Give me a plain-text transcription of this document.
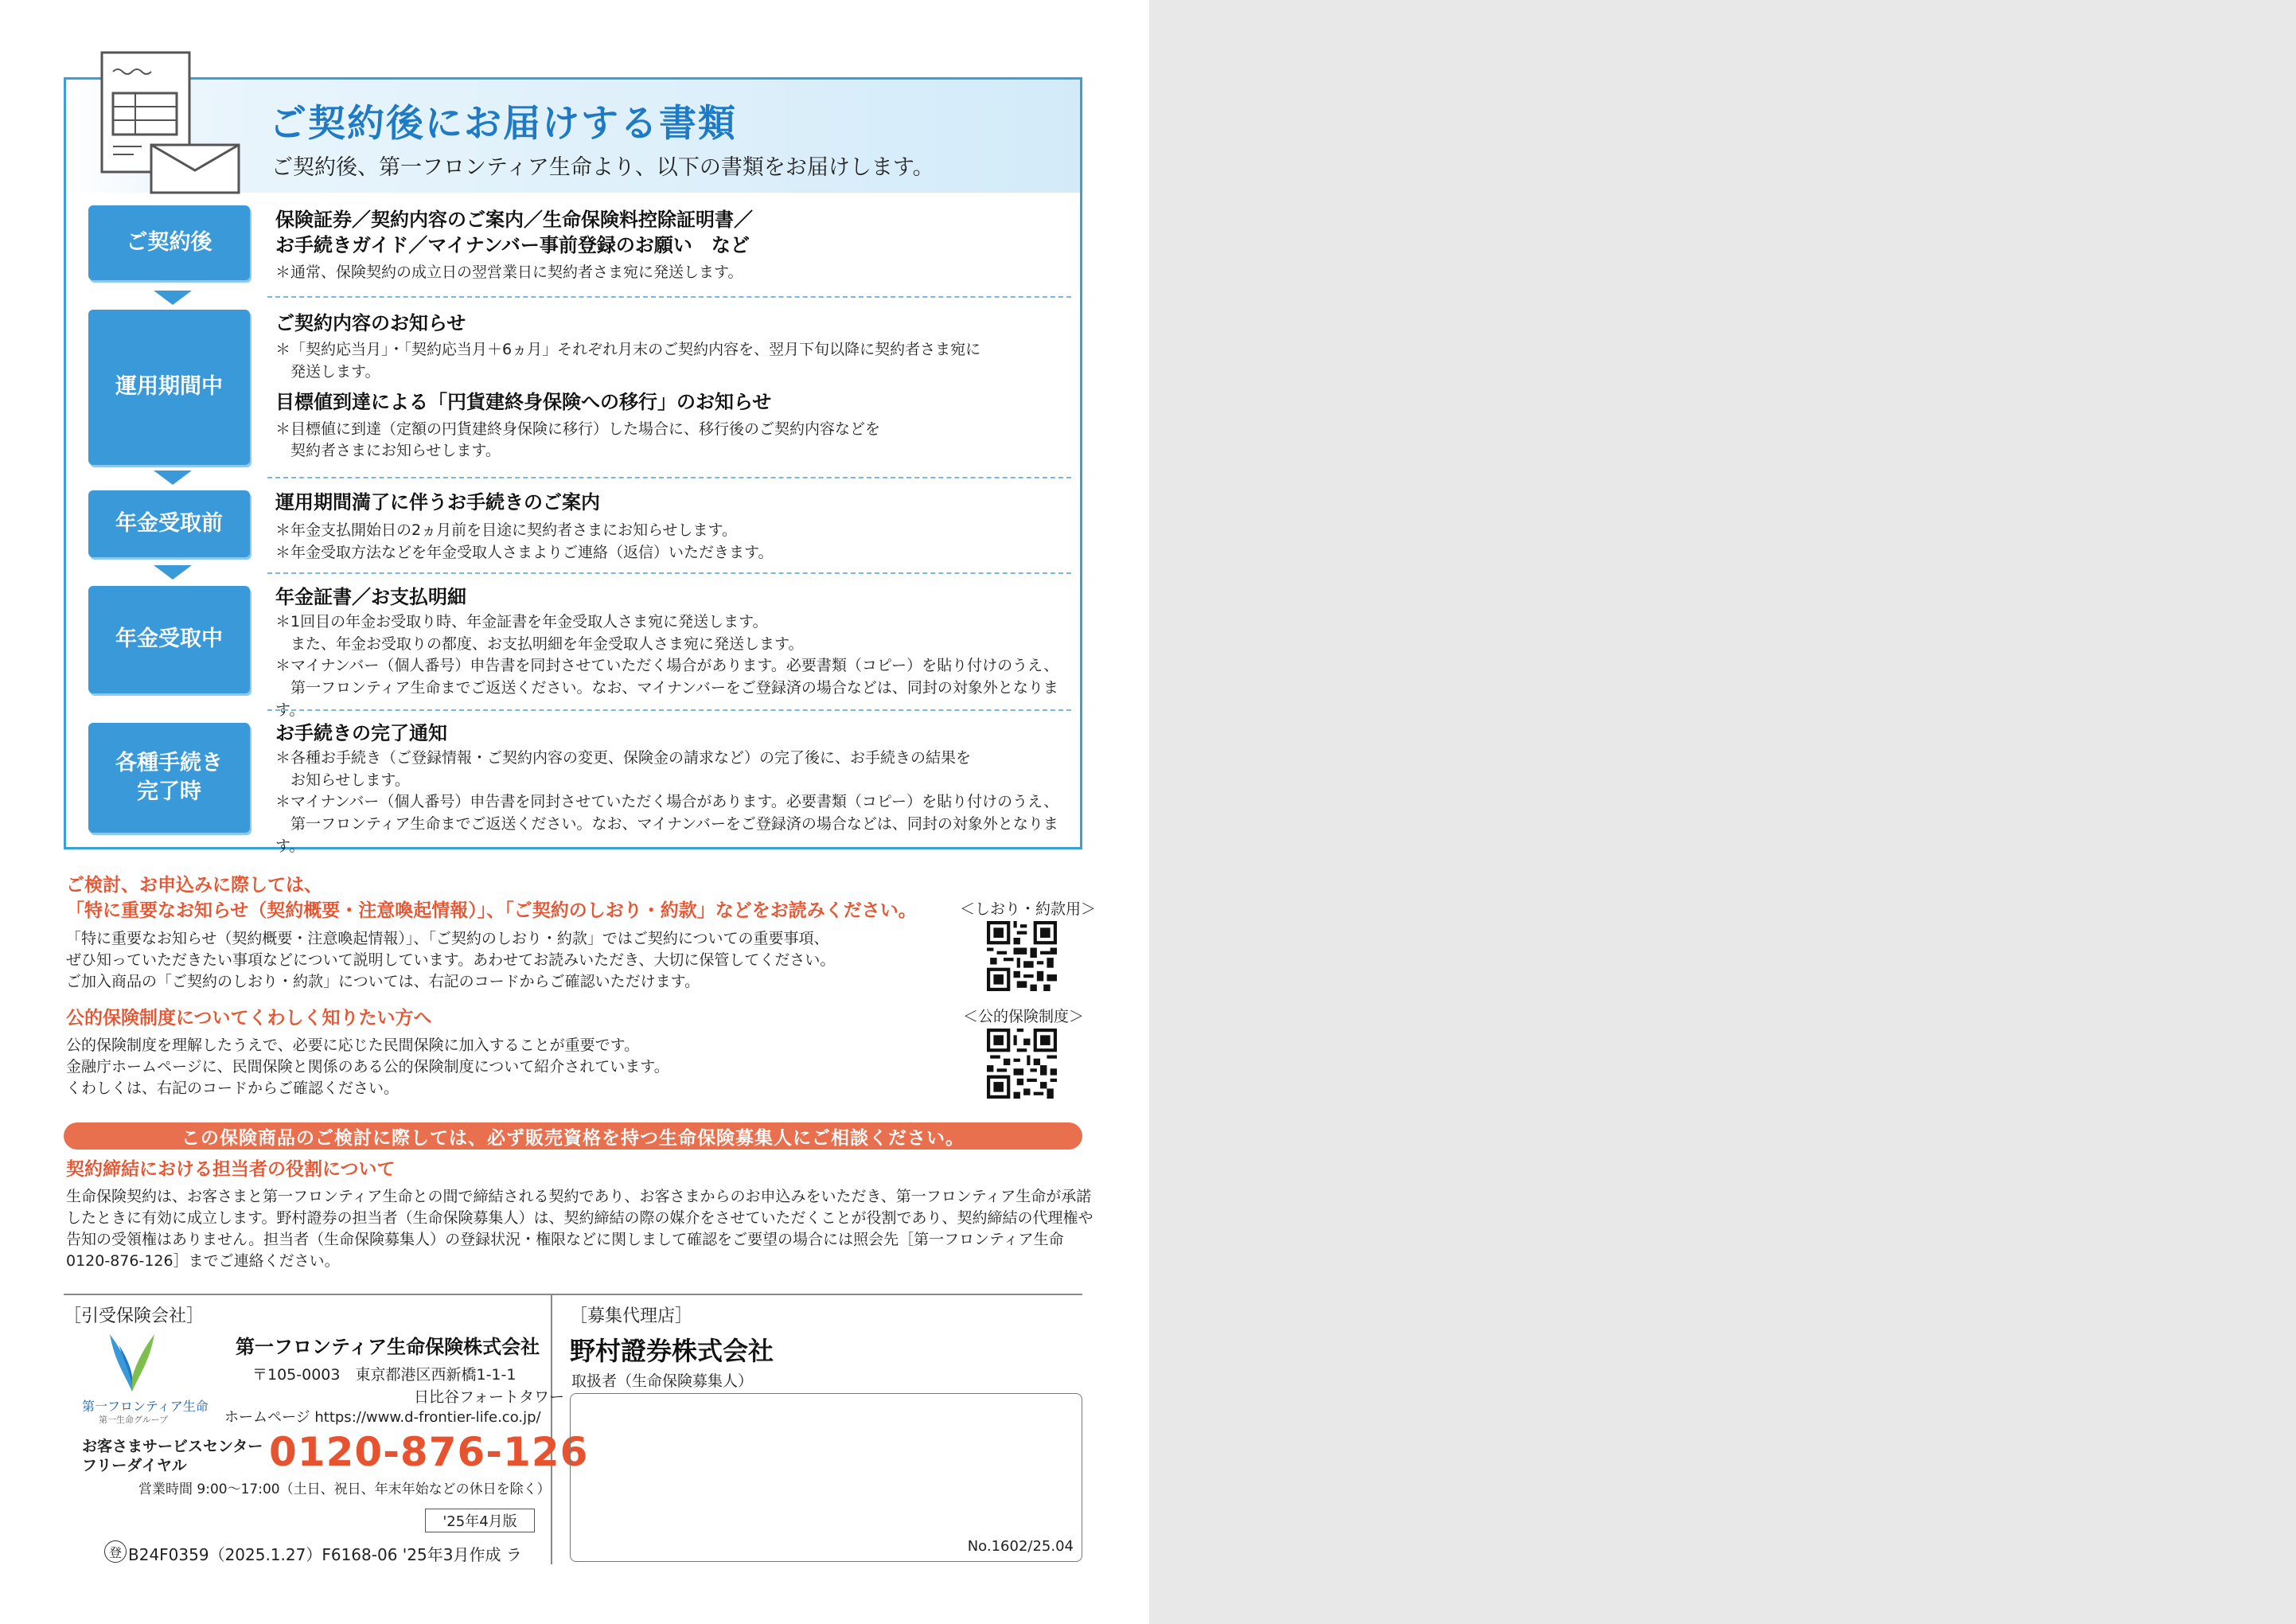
ご契約後にお届けする書類
ご契約後、第一フロンティア生命より、以下の書類をお届けします。
ご契約後
保険証券／契約内容のご案内／生命保険料控除証明書／
お手続きガイド／マイナンバー事前登録のお願い　など
＊通常、保険契約の成立日の翌営業日に契約者さま宛に発送します。
運用期間中
ご契約内容のお知らせ
＊「契約応当月」・「契約応当月＋6ヵ月」それぞれ月末のご契約内容を、翌月下旬以降に契約者さま宛に
　発送します。
目標値到達による「円貨建終身保険への移行」のお知らせ
＊目標値に到達（定額の円貨建終身保険に移行）した場合に、移行後のご契約内容などを
　契約者さまにお知らせします。
年金受取前
運用期間満了に伴うお手続きのご案内
＊年金支払開始日の2ヵ月前を目途に契約者さまにお知らせします。
＊年金受取方法などを年金受取人さまよりご連絡（返信）いただきます。
年金受取中
年金証書／お支払明細
＊1回目の年金お受取り時、年金証書を年金受取人さま宛に発送します。
　また、年金お受取りの都度、お支払明細を年金受取人さま宛に発送します。
＊マイナンバー（個人番号）申告書を同封させていただく場合があります。必要書類（コピー）を貼り付けのうえ、
　第一フロンティア生命までご返送ください。なお、マイナンバーをご登録済の場合などは、同封の対象外となります。
各種手続き
完了時
お手続きの完了通知
＊各種お手続き（ご登録情報・ご契約内容の変更、保険金の請求など）の完了後に、お手続きの結果を
　お知らせします。
＊マイナンバー（個人番号）申告書を同封させていただく場合があります。必要書類（コピー）を貼り付けのうえ、
　第一フロンティア生命までご返送ください。なお、マイナンバーをご登録済の場合などは、同封の対象外となります。
ご検討、お申込みに際しては、
「特に重要なお知らせ（契約概要・注意喚起情報）」、「ご契約のしおり・約款」などをお読みください。
「特に重要なお知らせ（契約概要・注意喚起情報）」、「ご契約のしおり・約款」ではご契約についての重要事項、
ぜひ知っていただきたい事項などについて説明しています。あわせてお読みいただき、大切に保管してください。
ご加入商品の「ご契約のしおり・約款」については、右記のコードからご確認いただけます。
＜しおり・約款用＞
公的保険制度についてくわしく知りたい方へ
公的保険制度を理解したうえで、必要に応じた民間保険に加入することが重要です。
金融庁ホームページに、民間保険と関係のある公的保険制度について紹介されています。
くわしくは、右記のコードからご確認ください。
＜公的保険制度＞
この保険商品のご検討に際しては、必ず販売資格を持つ生命保険募集人にご相談ください。
契約締結における担当者の役割について
生命保険契約は、お客さまと第一フロンティア生命との間で締結される契約であり、お客さまからのお申込みをいただき、第一フロンティア生命が承諾
したときに有効に成立します。野村證券の担当者（生命保険募集人）は、契約締結の際の媒介をさせていただくことが役割であり、契約締結の代理権や
告知の受領権はありません。担当者（生命保険募集人）の登録状況・権限などに関しまして確認をご要望の場合には照会先［第一フロンティア生命
0120-876-126］までご連絡ください。
［引受保険会社］
第一フロンティア生命
第一生命グループ
第一フロンティア生命保険株式会社
〒105-0003　東京都港区西新橋1-1-1
日比谷フォートタワー
ホームページ https://www.d-frontier-life.co.jp/
お客さまサービスセンター
フリーダイヤル 0120-876-126
営業時間 9:00～17:00（土日、祝日、年末年始などの休日を除く）
'25年4月版
登 B24F0359（2025.1.27）F6168-06 '25年3月作成 ラ
［募集代理店］
野村證券株式会社
取扱者（生命保険募集人）
No.1602/25.04
